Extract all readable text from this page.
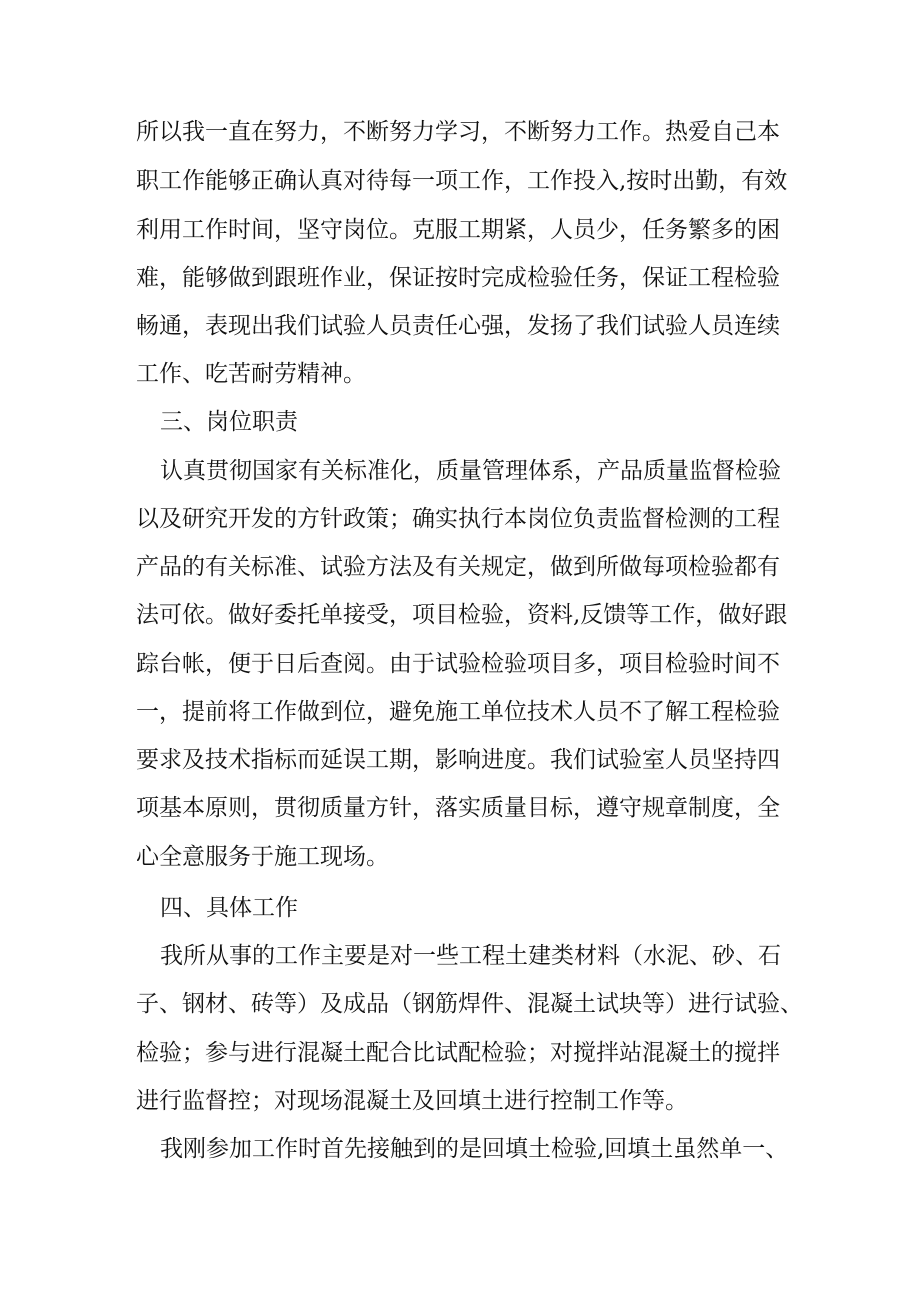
所以我一直在努力，不断努力学习，不断努力工作。热爱自己本
职工作能够正确认真对待每一项工作，工作投入,按时出勤，有效
利用工作时间，坚守岗位。克服工期紧，人员少，任务繁多的困
难，能够做到跟班作业，保证按时完成检验任务，保证工程检验
畅通，表现出我们试验人员责任心强，发扬了我们试验人员连续
工作、吃苦耐劳精神。
三、岗位职责
认真贯彻国家有关标准化，质量管理体系，产品质量监督检验
以及研究开发的方针政策；确实执行本岗位负责监督检测的工程
产品的有关标准、试验方法及有关规定，做到所做每项检验都有
法可依。做好委托单接受，项目检验，资料,反馈等工作，做好跟
踪台帐，便于日后查阅。由于试验检验项目多，项目检验时间不
一，提前将工作做到位，避免施工单位技术人员不了解工程检验
要求及技术指标而延误工期，影响进度。我们试验室人员坚持四
项基本原则，贯彻质量方针，落实质量目标，遵守规章制度，全
心全意服务于施工现场。
四、具体工作
我所从事的工作主要是对一些工程土建类材料（水泥、砂、石
子、钢材、砖等）及成品（钢筋焊件、混凝土试块等）进行试验、
检验；参与进行混凝土配合比试配检验；对搅拌站混凝土的搅拌
进行监督控；对现场混凝土及回填土进行控制工作等。
我刚参加工作时首先接触到的是回填土检验,回填土虽然单一、
